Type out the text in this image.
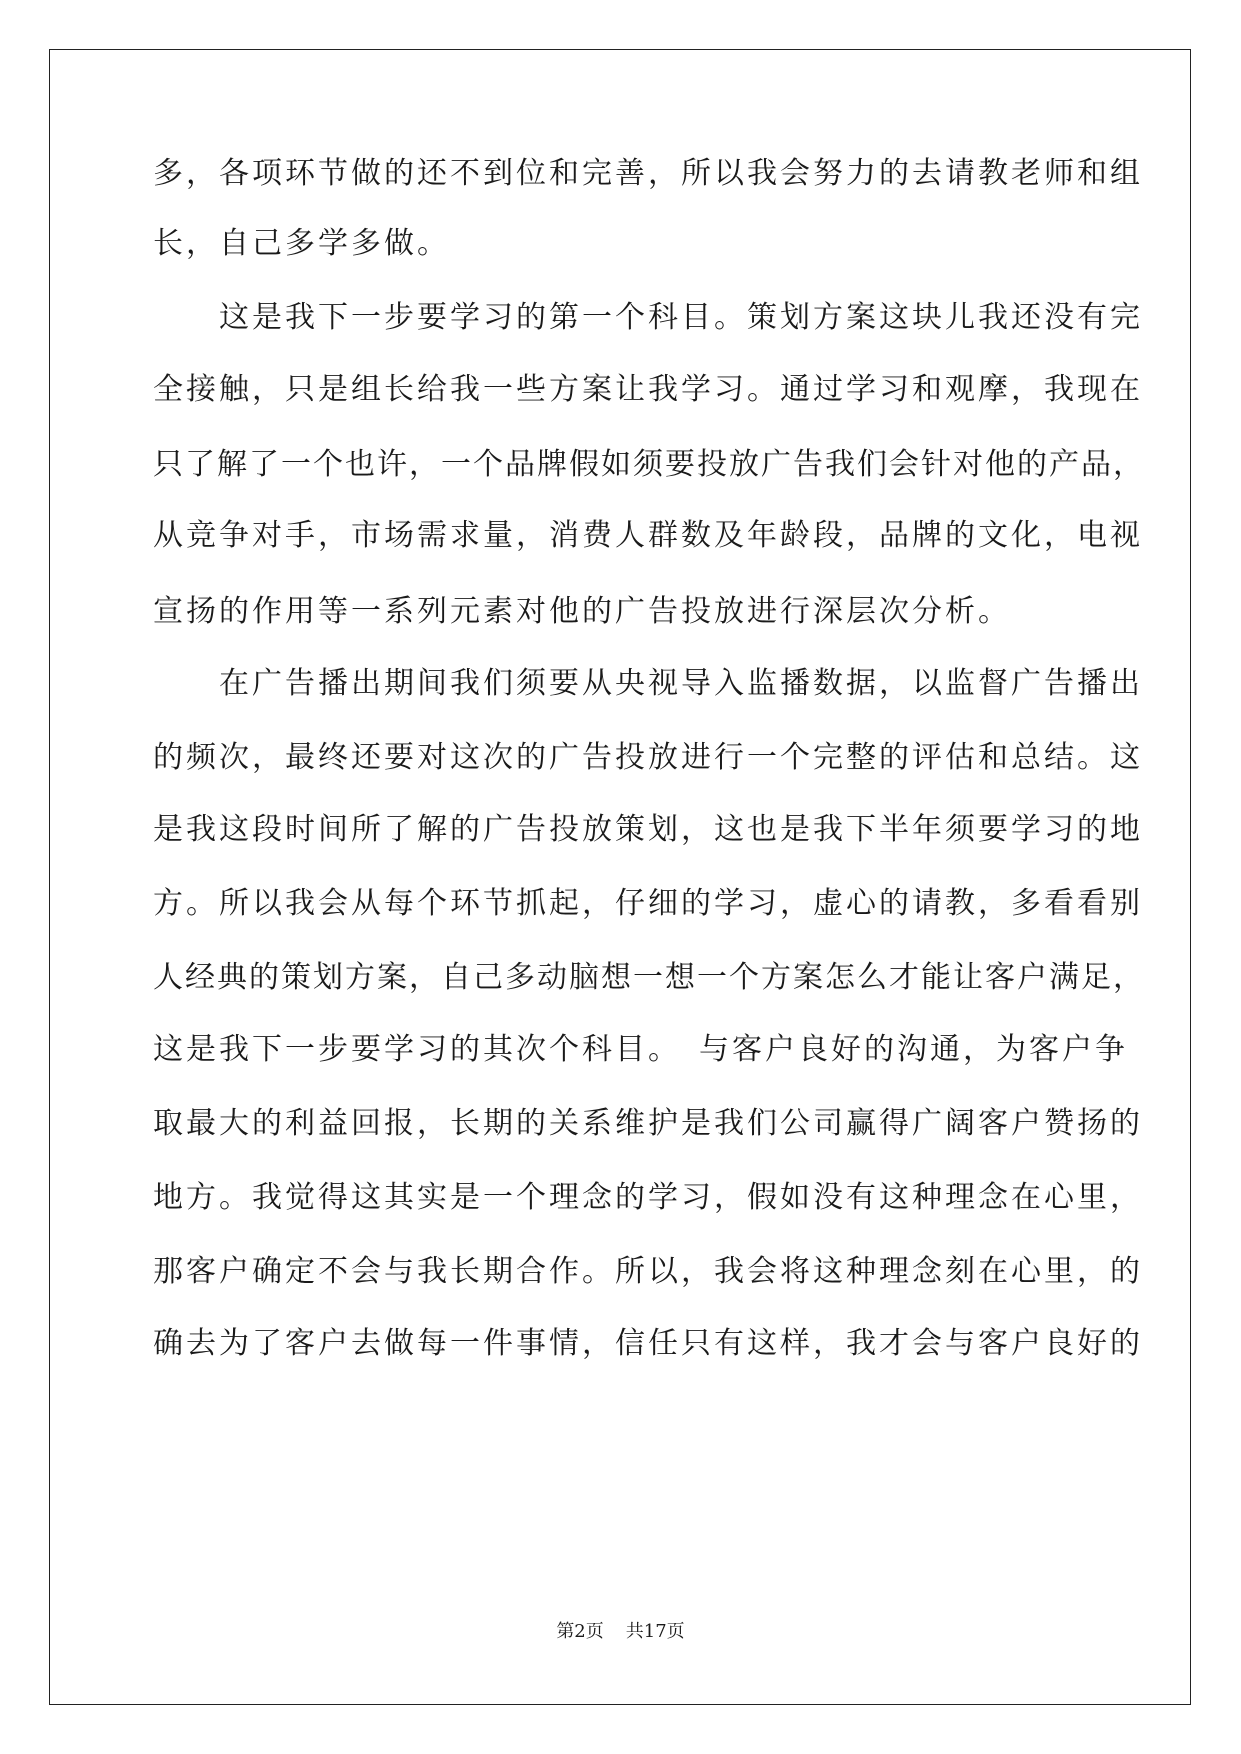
多，各项环节做的还不到位和完善，所以我会努力的去请教老师和组
长，自己多学多做。
　　这是我下一步要学习的第一个科目。策划方案这块儿我还没有完
全接触，只是组长给我一些方案让我学习。通过学习和观摩，我现在
只了解了一个也许，一个品牌假如须要投放广告我们会针对他的产品，
从竞争对手，市场需求量，消费人群数及年龄段，品牌的文化，电视
宣扬的作用等一系列元素对他的广告投放进行深层次分析。
　　在广告播出期间我们须要从央视导入监播数据，以监督广告播出
的频次，最终还要对这次的广告投放进行一个完整的评估和总结。这
是我这段时间所了解的广告投放策划，这也是我下半年须要学习的地
方。所以我会从每个环节抓起，仔细的学习，虚心的请教，多看看别
人经典的策划方案，自己多动脑想一想一个方案怎么才能让客户满足，
这是我下一步要学习的其次个科目。　与客户良好的沟通，为客户争
取最大的利益回报，长期的关系维护是我们公司赢得广阔客户赞扬的
地方。我觉得这其实是一个理念的学习，假如没有这种理念在心里，
那客户确定不会与我长期合作。所以，我会将这种理念刻在心里，的
确去为了客户去做每一件事情，信任只有这样，我才会与客户良好的
第2页 共17页
